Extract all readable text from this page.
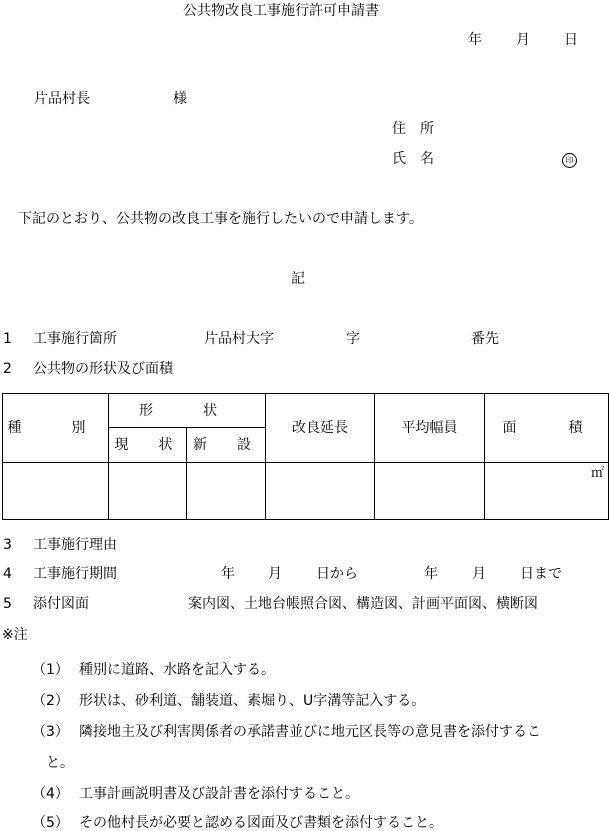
公共物改良工事施行許可申請書
年 月 日
片品村長	様
住　所
氏　名	印
下記のとおり、公共物の改良工事を施行したいので申請します。
記
1 工事施行箇所	片品村大字	字	番先
2 公共物の形状及び面積
種　別	形　状		改良延長	平均幅員	面　　積
	現　状	新　設			

					㎡
3 工事施行理由
4 工事施行期間	年 月 日から	年 月 日まで
5 添付図面	案内図、土地台帳照合図、構造図、計画平面図、横断図
※注
（1） 種別に道路、水路を記入する。
（2） 形状は、砂利道、舗装道、素堀り、U字溝等記入する。
（3） 隣接地主及び利害関係者の承諾書並びに地元区長等の意見書を添付するこ
と。
（4） 工事計画説明書及び設計書を添付すること。
（5） その他村長が必要と認める図面及び書類を添付すること。
